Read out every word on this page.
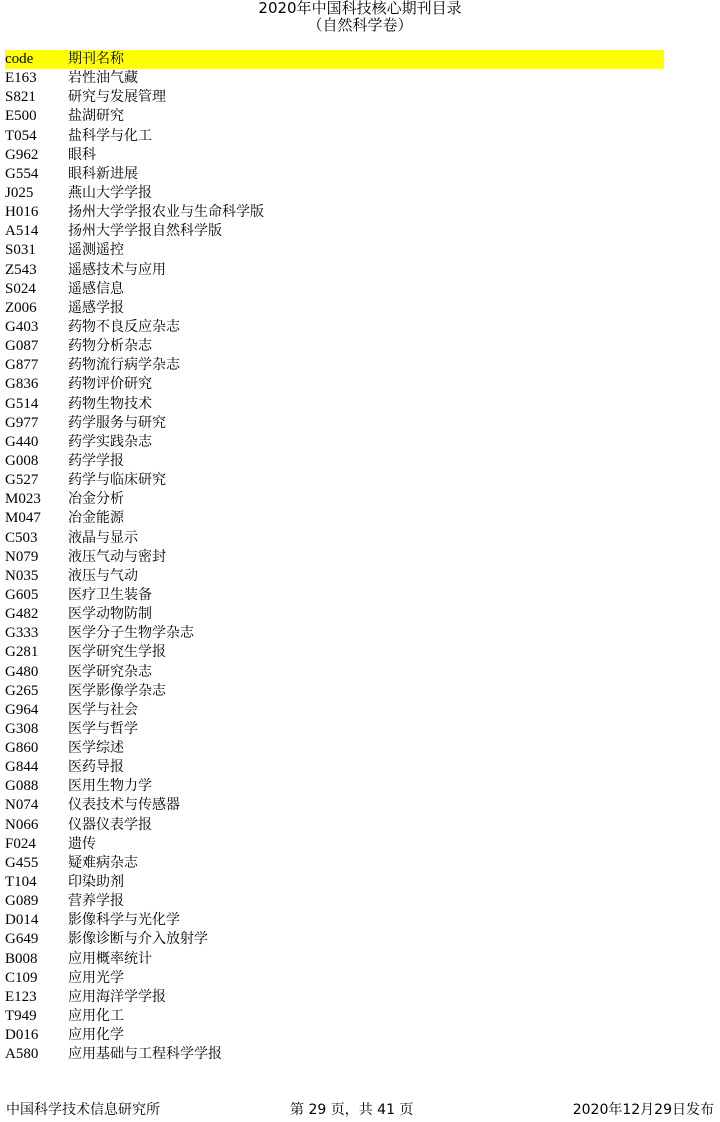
2020年中国科技核心期刊目录
（自然科学卷）
code	期刊名称
E163	岩性油气藏
S821	研究与发展管理
E500	盐湖研究
T054	盐科学与化工
G962	眼科
G554	眼科新进展
J025	燕山大学学报
H016	扬州大学学报农业与生命科学版
A514	扬州大学学报自然科学版
S031	遥测遥控
Z543	遥感技术与应用
S024	遥感信息
Z006	遥感学报
G403	药物不良反应杂志
G087	药物分析杂志
G877	药物流行病学杂志
G836	药物评价研究
G514	药物生物技术
G977	药学服务与研究
G440	药学实践杂志
G008	药学学报
G527	药学与临床研究
M023	冶金分析
M047	冶金能源
C503	液晶与显示
N079	液压气动与密封
N035	液压与气动
G605	医疗卫生装备
G482	医学动物防制
G333	医学分子生物学杂志
G281	医学研究生学报
G480	医学研究杂志
G265	医学影像学杂志
G964	医学与社会
G308	医学与哲学
G860	医学综述
G844	医药导报
G088	医用生物力学
N074	仪表技术与传感器
N066	仪器仪表学报
F024	遗传
G455	疑难病杂志
T104	印染助剂
G089	营养学报
D014	影像科学与光化学
G649	影像诊断与介入放射学
B008	应用概率统计
C109	应用光学
E123	应用海洋学学报
T949	应用化工
D016	应用化学
A580	应用基础与工程科学学报
中国科学技术信息研究所	第 29 页，共 41 页	2020年12月29日发布
